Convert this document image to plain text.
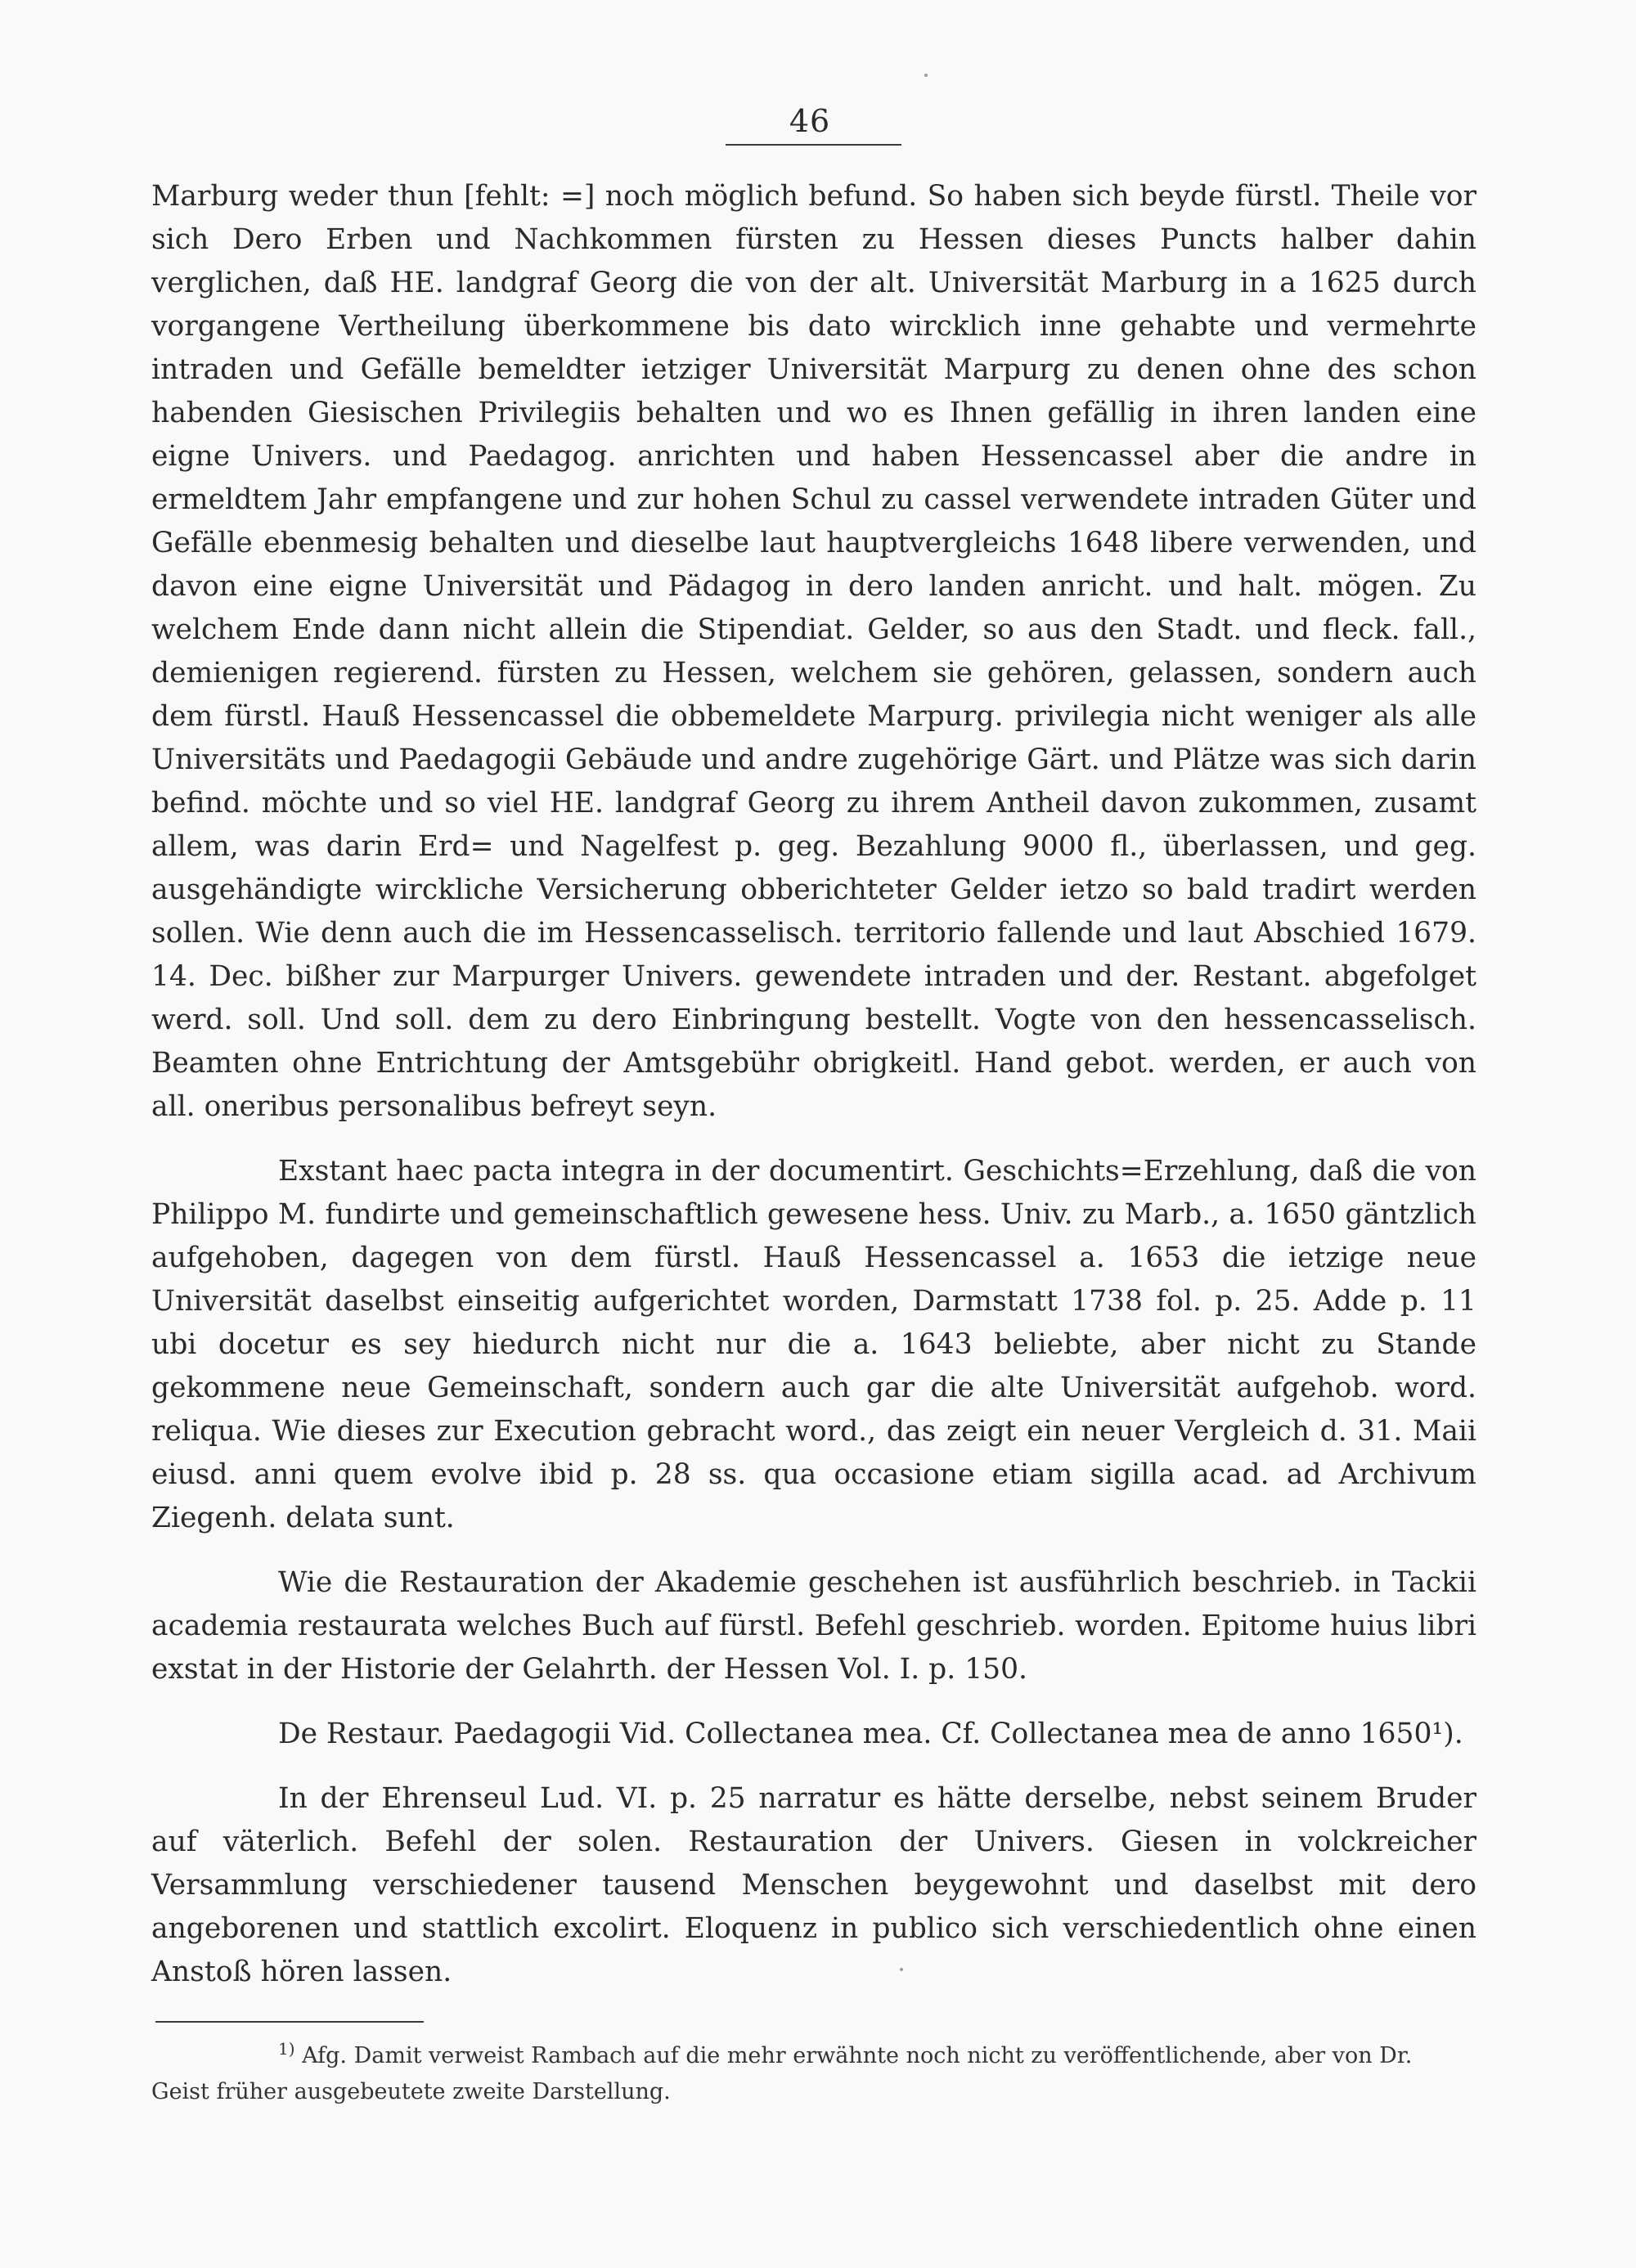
46

Marburg weder thun [fehlt: =] noch möglich befund. So haben sich beyde fürstl. Theile vor sich Dero Erben und Nachkommen fürsten zu Hessen dieses Puncts halber dahin verglichen, daß HE. landgraf Georg die von der alt. Universität Marburg in a 1625 durch vorgangene Vertheilung überkommene bis dato wircklich inne gehabte und vermehrte intraden und Gefälle bemeldter ietziger Universität Marpurg zu denen ohne des schon habenden Giesischen Privilegiis behalten und wo es Ihnen gefällig in ihren landen eine eigne Univers. und Paedagog. anrichten und haben Hessencassel aber die andre in ermeldtem Jahr empfangene und zur hohen Schul zu cassel verwendete intraden Güter und Gefälle ebenmesig behalten und dieselbe laut hauptvergleichs 1648 libere verwenden, und davon eine eigne Universität und Pädagog in dero landen anricht. und halt. mögen. Zu welchem Ende dann nicht allein die Stipendiat. Gelder, so aus den Stadt. und fleck. fall., demienigen regierend. fürsten zu Hessen, welchem sie gehören, gelassen, sondern auch dem fürstl. Hauß Hessencassel die obbemeldete Marpurg. privilegia nicht weniger als alle Universitäts und Paedagogii Gebäude und andre zugehörige Gärt. und Plätze was sich darin befind. möchte und so viel HE. landgraf Georg zu ihrem Antheil davon zukommen, zusamt allem, was darin Erd= und Nagelfest p. geg. Bezahlung 9000 fl., überlassen, und geg. ausgehändigte wirckliche Versicherung obberichteter Gelder ietzo so bald tradirt werden sollen. Wie denn auch die im Hessencasselisch. territorio fallende und laut Abschied 1679. 14. Dec. bißher zur Marpurger Univers. gewendete intraden und der. Restant. abgefolget werd. soll. Und soll. dem zu dero Einbringung bestellt. Vogte von den hessencasselisch. Beamten ohne Entrichtung der Amtsgebühr obrigkeitl. Hand gebot. werden, er auch von all. oneribus personalibus befreyt seyn.

Exstant haec pacta integra in der documentirt. Geschichts=Erzehlung, daß die von Philippo M. fundirte und gemeinschaftlich gewesene hess. Univ. zu Marb., a. 1650 gäntzlich aufgehoben, dagegen von dem fürstl. Hauß Hessencassel a. 1653 die ietzige neue Universität daselbst einseitig aufgerichtet worden, Darmstatt 1738 fol. p. 25. Adde p. 11 ubi docetur es sey hiedurch nicht nur die a. 1643 beliebte, aber nicht zu Stande gekommene neue Gemeinschaft, sondern auch gar die alte Universität aufgehob. word. reliqua. Wie dieses zur Execution gebracht word., das zeigt ein neuer Vergleich d. 31. Maii eiusd. anni quem evolve ibid p. 28 ss. qua occasione etiam sigilla acad. ad Archivum Ziegenh. delata sunt.

Wie die Restauration der Akademie geschehen ist ausführlich beschrieb. in Tackii academia restaurata welches Buch auf fürstl. Befehl geschrieb. worden. Epitome huius libri exstat in der Historie der Gelahrth. der Hessen Vol. I. p. 150.

De Restaur. Paedagogii Vid. Collectanea mea. Cf. Collectanea mea de anno 1650¹).

In der Ehrenseul Lud. VI. p. 25 narratur es hätte derselbe, nebst seinem Bruder auf väterlich. Befehl der solen. Restauration der Univers. Giesen in volckreicher Versammlung verschiedener tausend Menschen beygewohnt und daselbst mit dero angeborenen und stattlich excolirt. Eloquenz in publico sich verschiedentlich ohne einen Anstoß hören lassen.

$^{1)}$ Afg. Damit verweist Rambach auf die mehr erwähnte noch nicht zu veröffentlichende, aber von Dr. Geist früher ausgebeutete zweite Darstellung.
